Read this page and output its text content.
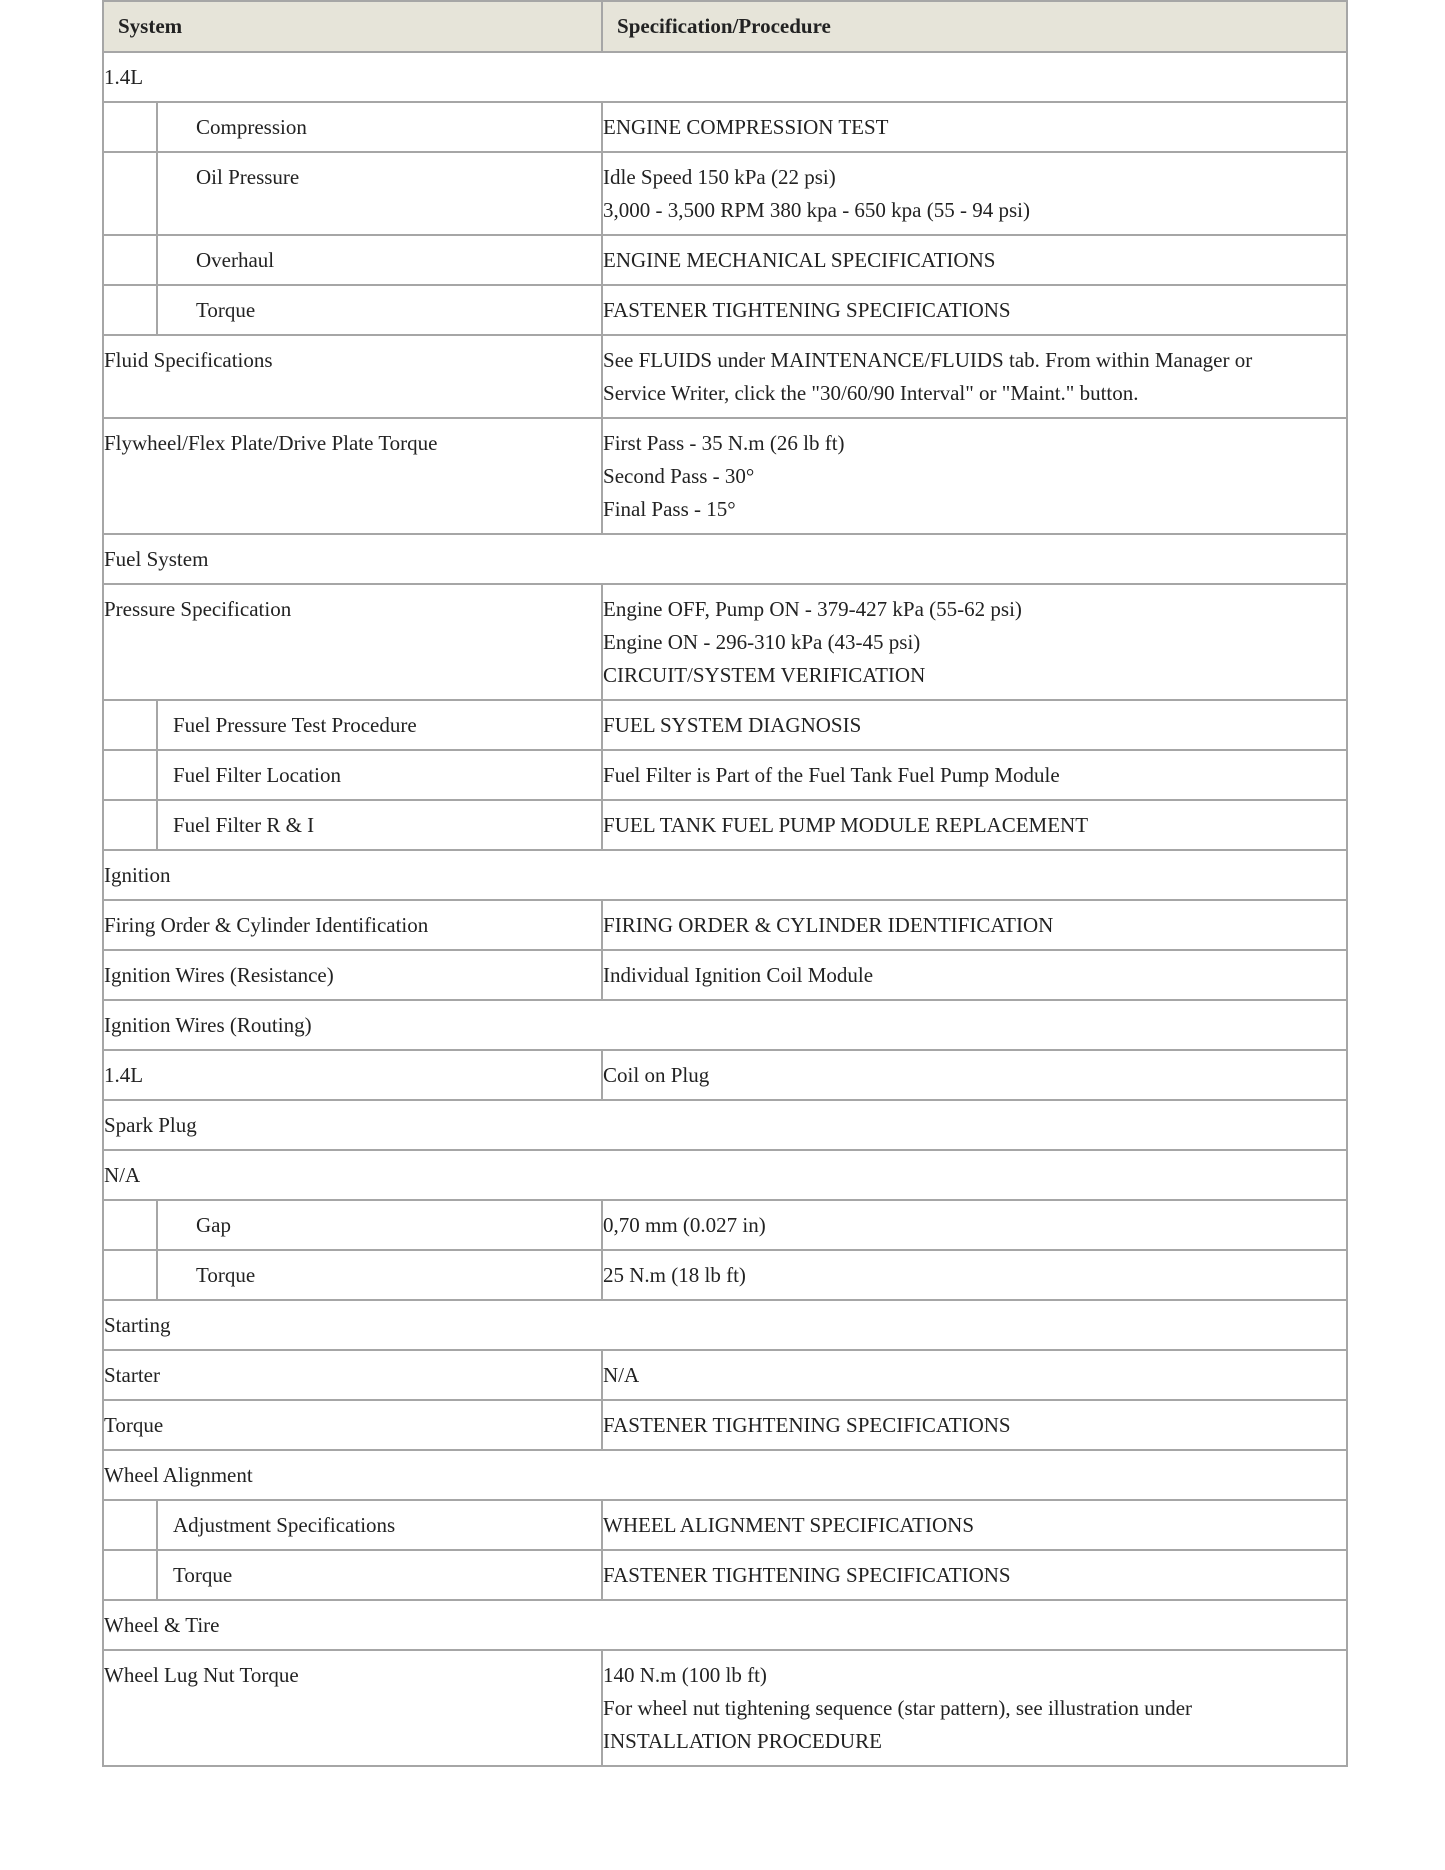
System		Specification/Procedure
1.4L		
	Compression	ENGINE COMPRESSION TEST

	Oil Pressure	Idle Speed 150 kPa (22 psi)
3,000 - 3,500 RPM 380 kpa - 650 kpa (55 - 94 psi)

	Overhaul	ENGINE MECHANICAL SPECIFICATIONS

	Torque	FASTENER TIGHTENING SPECIFICATIONS

Fluid Specifications		See FLUIDS under MAINTENANCE/FLUIDS tab. From within Manager or
Service Writer, click the "30/60/90 Interval" or "Maint." button.

Flywheel/Flex Plate/Drive Plate Torque		First Pass - 35 N.m (26 lb ft)
Second Pass - 30°
Final Pass - 15°

Fuel System		
Pressure Specification		Engine OFF, Pump ON - 379-427 kPa (55-62 psi)
Engine ON - 296-310 kPa (43-45 psi)
CIRCUIT/SYSTEM VERIFICATION

	Fuel Pressure Test Procedure	FUEL SYSTEM DIAGNOSIS

	Fuel Filter Location	Fuel Filter is Part of the Fuel Tank Fuel Pump Module

	Fuel Filter R & I	FUEL TANK FUEL PUMP MODULE REPLACEMENT

Ignition		
Firing Order & Cylinder Identification		FIRING ORDER & CYLINDER IDENTIFICATION

Ignition Wires (Resistance)		Individual Ignition Coil Module

Ignition Wires (Routing)		
1.4L		Coil on Plug

Spark Plug		
N/A		
	Gap	0,70 mm (0.027 in)

	Torque	25 N.m (18 lb ft)

Starting		
Starter		N/A

Torque		FASTENER TIGHTENING SPECIFICATIONS

Wheel Alignment		
	Adjustment Specifications	WHEEL ALIGNMENT SPECIFICATIONS

	Torque	FASTENER TIGHTENING SPECIFICATIONS

Wheel & Tire		
Wheel Lug Nut Torque		140 N.m (100 lb ft)
For wheel nut tightening sequence (star pattern), see illustration under
INSTALLATION PROCEDURE
